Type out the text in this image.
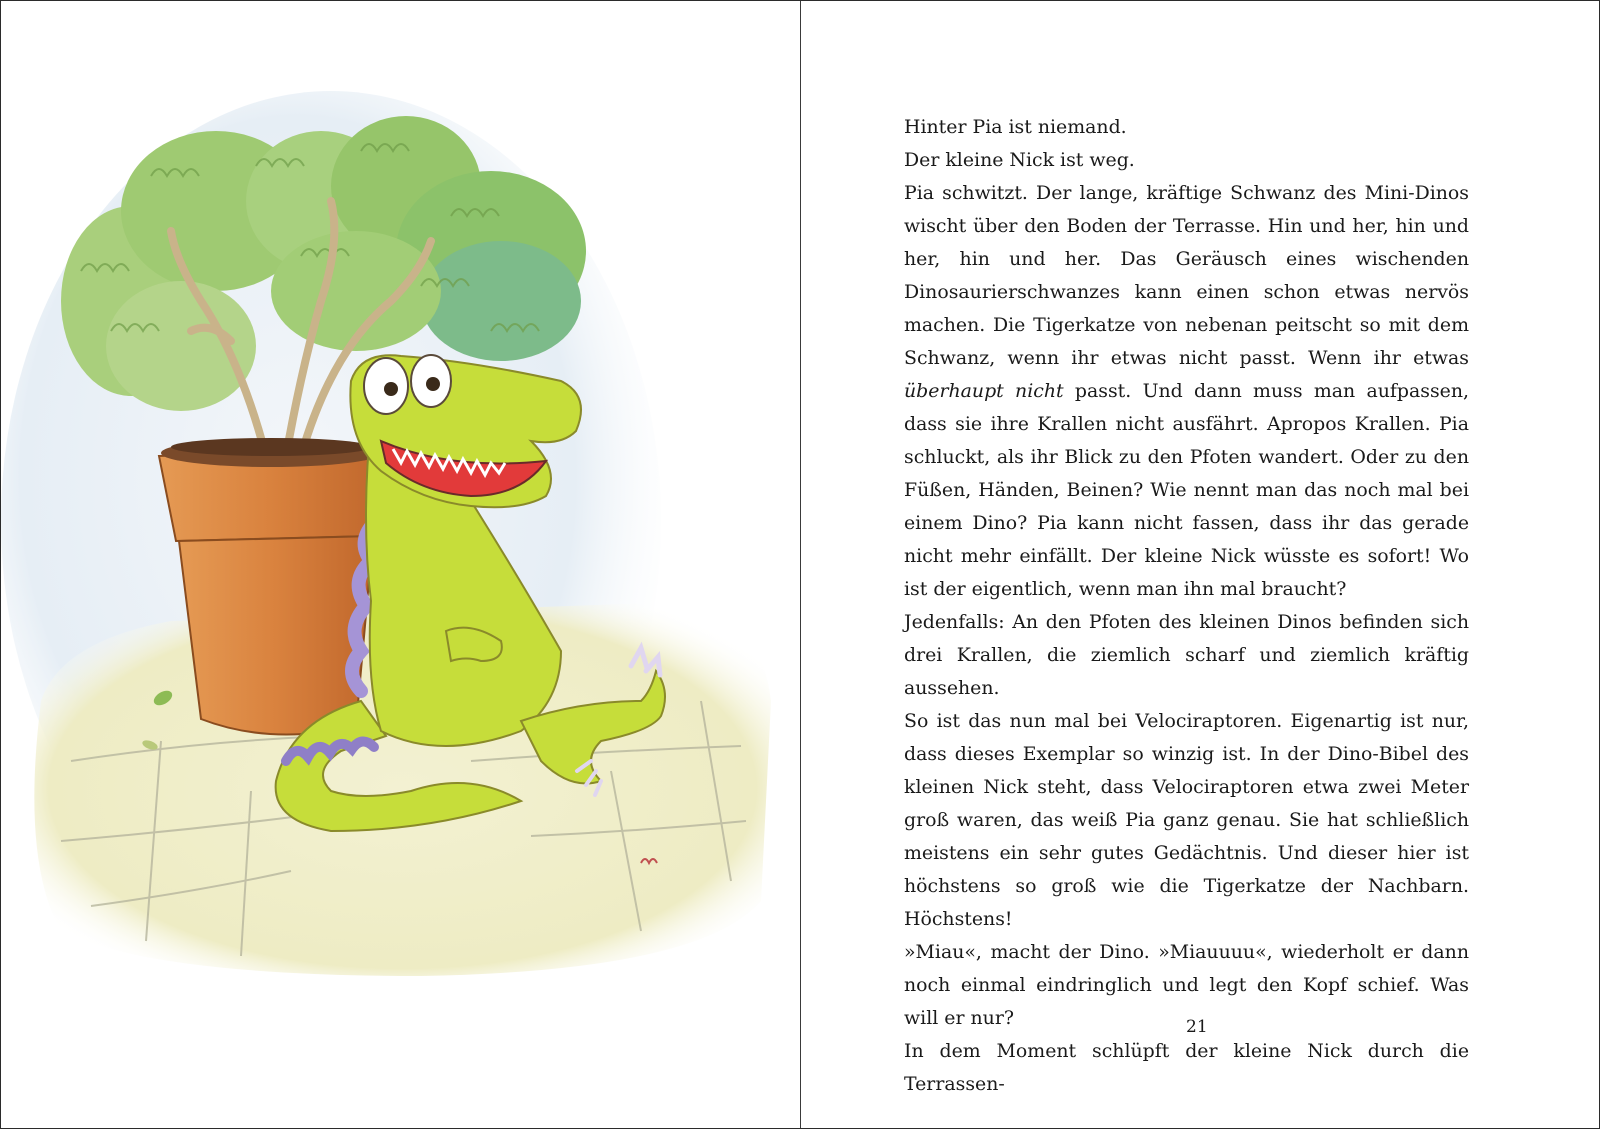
Hinter Pia ist niemand.

Der kleine Nick ist weg.

Pia schwitzt. Der lange, kräftige Schwanz des Mini-Dinos wischt über den Boden der Terrasse. Hin und her, hin und her, hin und her. Das Geräusch eines wischenden Dinosaurierschwanzes kann einen schon etwas nervös machen. Die Tigerkatze von nebenan peitscht so mit dem Schwanz, wenn ihr etwas nicht passt. Wenn ihr etwas überhaupt nicht passt. Und dann muss man aufpassen, dass sie ihre Krallen nicht ausfährt. Apropos Krallen. Pia schluckt, als ihr Blick zu den Pfoten wandert. Oder zu den Füßen, Händen, Beinen? Wie nennt man das noch mal bei einem Dino? Pia kann nicht fassen, dass ihr das gerade nicht mehr einfällt. Der kleine Nick wüsste es sofort! Wo ist der eigentlich, wenn man ihn mal braucht?

Jedenfalls: An den Pfoten des kleinen Dinos befinden sich drei Krallen, die ziemlich scharf und ziemlich kräftig aussehen.

So ist das nun mal bei Velociraptoren. Eigenartig ist nur, dass dieses Exemplar so winzig ist. In der Dino-Bibel des kleinen Nick steht, dass Velociraptoren etwa zwei Meter groß waren, das weiß Pia ganz genau. Sie hat schließlich meistens ein sehr gutes Gedächtnis. Und dieser hier ist höchstens so groß wie die Tigerkatze der Nachbarn. Höchstens!

»Miau«, macht der Dino. »Miauuuu«, wiederholt er dann noch einmal eindringlich und legt den Kopf schief. Was will er nur?

In dem Moment schlüpft der kleine Nick durch die Terrassen-

21
